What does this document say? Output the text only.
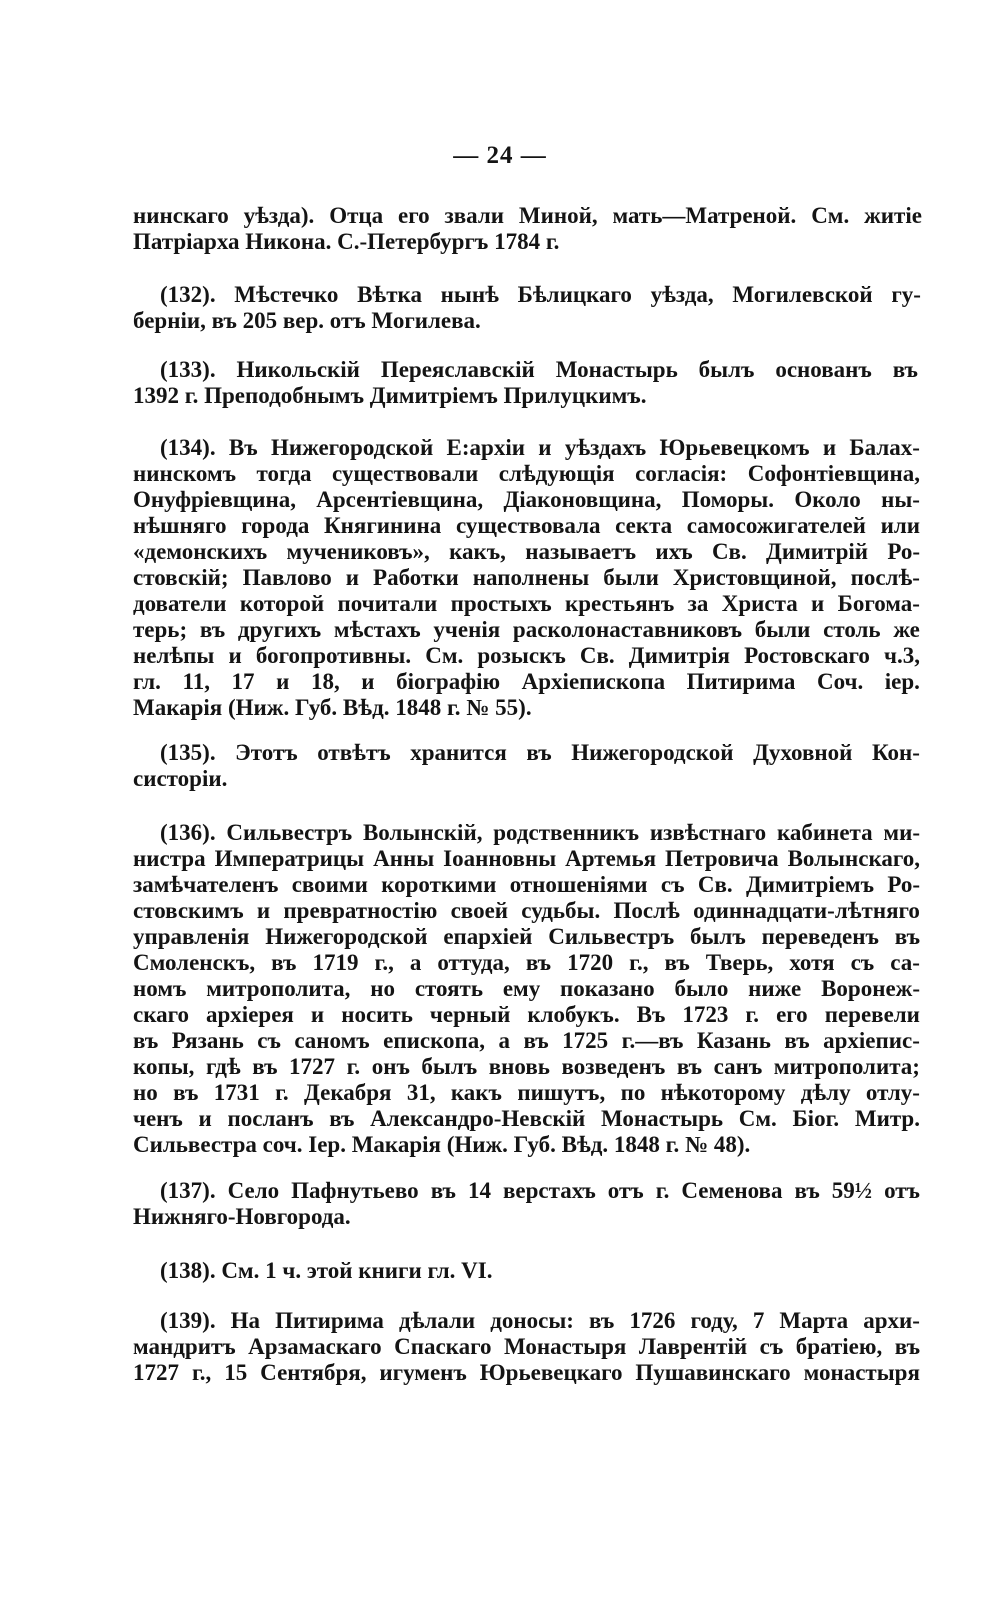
— 24 —
нинскаго уѣзда). Отца его звали Миной, мать—Матреной. См. житіе
Патріарха Никона. С.-Петербургъ 1784 г.
(132). Мѣстечко Вѣтка нынѣ Бѣлицкаго уѣзда, Могилевской гу-
берніи, въ 205 вер. отъ Могилева.
(133). Никольскій Переяславскій Монастырь былъ основанъ въ
1392 г. Преподобнымъ Димитріемъ Прилуцкимъ.
(134). Въ Нижегородской Е:архіи и уѣздахъ Юрьевецкомъ и Балах-
нинскомъ тогда существовали слѣдующія согласія: Софонтіевщина,
Онуфріевщина, Арсентіевщина, Діаконовщина, Поморы. Около ны-
нѣшняго города Княгинина существовала секта самосожигателей или
«демонскихъ мучениковъ», какъ, называетъ ихъ Св. Димитрій Ро-
стовскій; Павлово и Работки наполнены были Христовщиной, послѣ-
дователи которой почитали простыхъ крестьянъ за Христа и Богома-
терь; въ другихъ мѣстахъ ученія расколонаставниковъ были столь же
нелѣпы и богопротивны. См. розыскъ Св. Димитрія Ростовскаго ч.3,
гл. 11, 17 и 18, и біографію Архіепископа Питирима Соч. іер.
Макарія (Ниж. Губ. Вѣд. 1848 г. № 55).
(135). Этотъ отвѣтъ хранится въ Нижегородской Духовной Кон-
систоріи.
(136). Сильвестръ Волынскій, родственникъ извѣстнаго кабинета ми-
нистра Императрицы Анны Іоанновны Артемья Петровича Волынскаго,
замѣчателенъ своими короткими отношеніями съ Св. Димитріемъ Ро-
стовскимъ и превратностію своей судьбы. Послѣ одиннадцати-лѣтняго
управленія Нижегородской епархіей Сильвестръ былъ переведенъ въ
Смоленскъ, въ 1719 г., а оттуда, въ 1720 г., въ Тверь, хотя съ са-
номъ митрополита, но стоять ему показано было ниже Воронеж-
скаго архіерея и носить черный клобукъ. Въ 1723 г. его перевели
въ Рязань съ саномъ епископа, а въ 1725 г.—въ Казань въ архіепис-
копы, гдѣ въ 1727 г. онъ былъ вновь возведенъ въ санъ митрополита;
но въ 1731 г. Декабря 31, какъ пишутъ, по нѣкоторому дѣлу отлу-
ченъ и посланъ въ Александро-Невскій Монастырь См. Біог. Митр.
Сильвестра соч. Іер. Макарія (Ниж. Губ. Вѣд. 1848 г. № 48).
(137). Село Пафнутьево въ 14 верстахъ отъ г. Семенова въ 59½ отъ
Нижняго-Новгорода.
(138). См. 1 ч. этой книги гл. VI.
(139). На Питирима дѣлали доносы: въ 1726 году, 7 Марта архи-
мандритъ Арзамаскаго Спаскаго Монастыря Лаврентій съ братіею, въ
1727 г., 15 Сентября, игуменъ Юрьевецкаго Пушавинскаго монастыря
